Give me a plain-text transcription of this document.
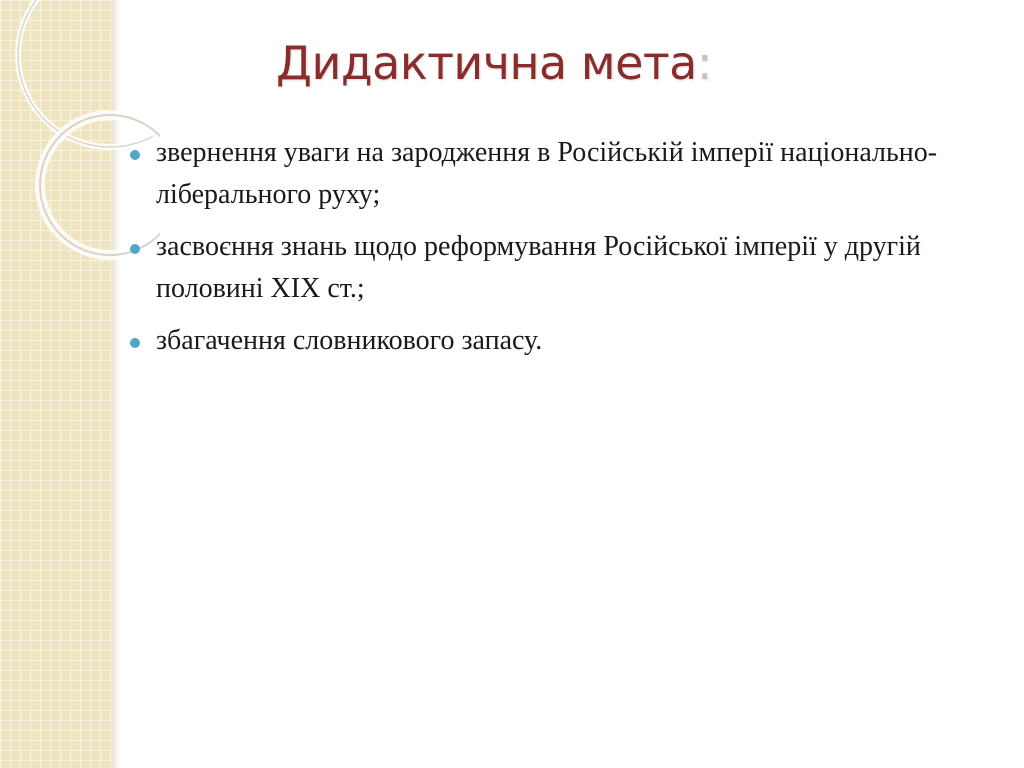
Дидактична мета:
звернення уваги на зародження в Російській імперії національно-ліберального руху;
засвоєння знань щодо реформування Російської імперії у другій половині XIX ст.;
збагачення словникового запасу.
